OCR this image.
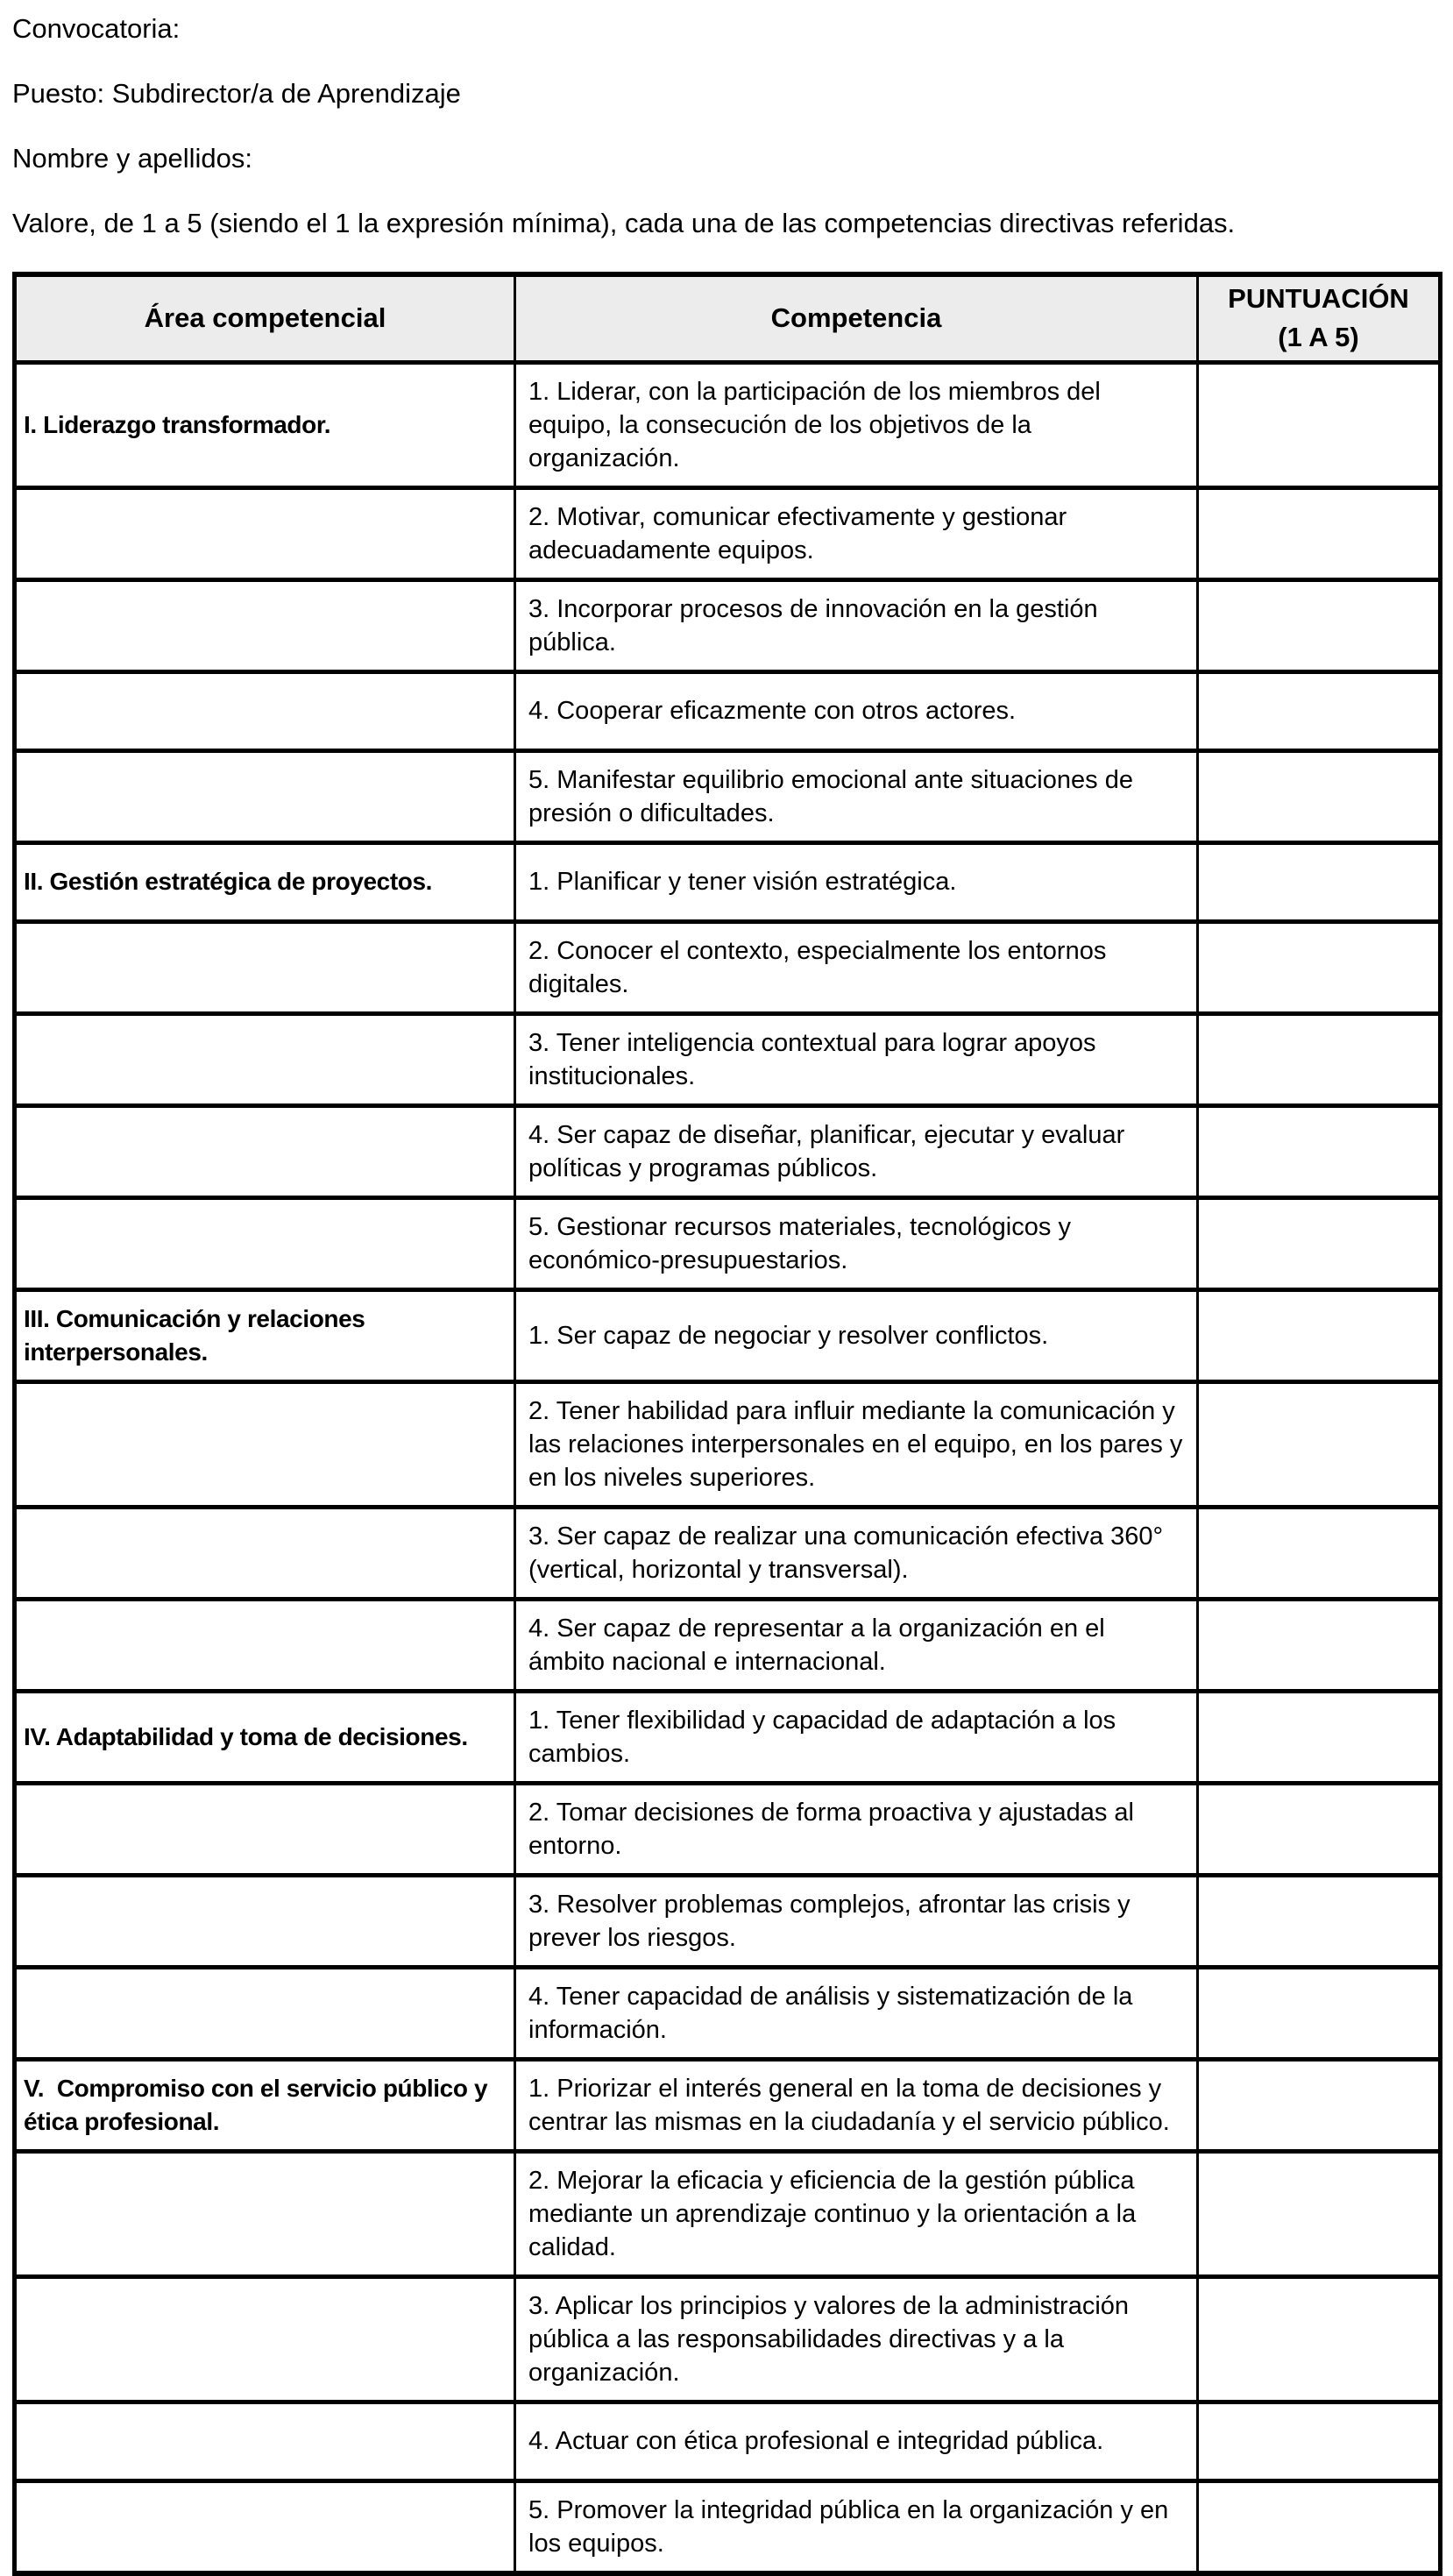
Convocatoria:

Puesto: Subdirector/a de Aprendizaje

Nombre y apellidos:

Valore, de 1 a 5 (siendo el 1 la expresión mínima), cada una de las competencias directivas referidas.

Área competencial	Competencia	PUNTUACIÓN
(1 A 5)

I. Liderazgo transformador.	1. Liderar, con la participación de los miembros del equipo, la consecución de los objetivos de la organización.	
	2. Motivar, comunicar efectivamente y gestionar adecuadamente equipos.	
	3. Incorporar procesos de innovación en la gestión pública.	
	4. Cooperar eficazmente con otros actores.	
	5. Manifestar equilibrio emocional ante situaciones de presión o dificultades.	
II. Gestión estratégica de proyectos.	1. Planificar y tener visión estratégica.	
	2. Conocer el contexto, especialmente los entornos digitales.	
	3. Tener inteligencia contextual para lograr apoyos institucionales.	
	4. Ser capaz de diseñar, planificar, ejecutar y evaluar políticas y programas públicos.	
	5. Gestionar recursos materiales, tecnológicos y económico-presupuestarios.	
III. Comunicación y relaciones interpersonales.	1. Ser capaz de negociar y resolver conflictos.	
	2. Tener habilidad para influir mediante la comunicación y las relaciones interpersonales en el equipo, en los pares y en los niveles superiores.	
	3. Ser capaz de realizar una comunicación efectiva 360° (vertical, horizontal y transversal).	
	4. Ser capaz de representar a la organización en el ámbito nacional e internacional.	
IV. Adaptabilidad y toma de decisiones.	1. Tener flexibilidad y capacidad de adaptación a los cambios.	
	2. Tomar decisiones de forma proactiva y ajustadas al entorno.	
	3. Resolver problemas complejos, afrontar las crisis y prever los riesgos.	
	4. Tener capacidad de análisis y sistematización de la información.	
V.  Compromiso con el servicio público y ética profesional.	1. Priorizar el interés general en la toma de decisiones y centrar las mismas en la ciudadanía y el servicio público.	
	2. Mejorar la eficacia y eficiencia de la gestión pública mediante un aprendizaje continuo y la orientación a la calidad.	
	3. Aplicar los principios y valores de la administración pública a las responsabilidades directivas y a la organización.	
	4. Actuar con ética profesional e integridad pública.	
	5. Promover la integridad pública en la organización y en los equipos.	
